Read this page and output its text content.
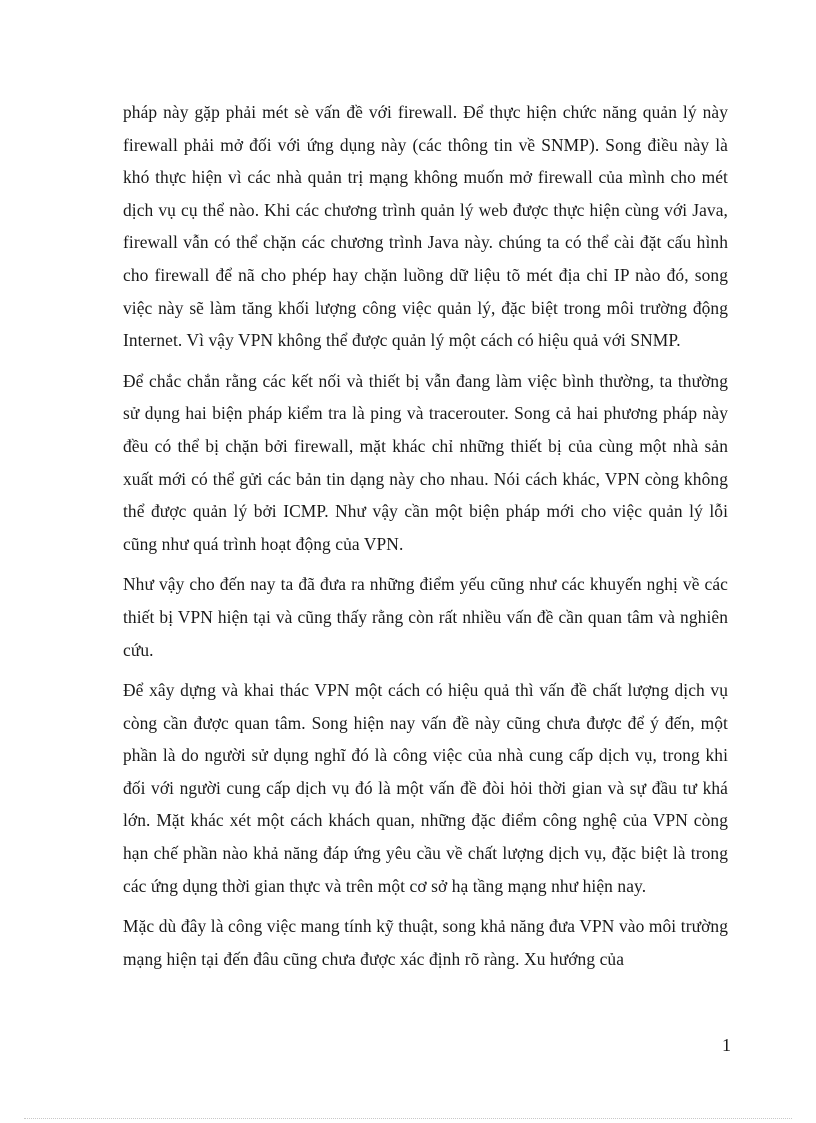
pháp này gặp phải mét sè vấn đề với firewall. Để thực hiện chức năng quản lý này firewall phải mở đối với ứng dụng này (các thông tin về SNMP). Song điều này là khó thực hiện vì các nhà quản trị mạng không muốn mở firewall của mình cho mét dịch vụ cụ thể nào. Khi các chương trình quản lý web được thực hiện cùng với Java, firewall vẫn có thể chặn các chương trình Java này. chúng ta có thể cài đặt cấu hình cho firewall để nã cho phép hay chặn luồng dữ liệu tõ mét địa chỉ IP nào đó, song việc này sẽ làm tăng khối lượng công việc quản lý, đặc biệt trong môi trường động Internet. Vì vậy VPN không thể được quản lý một cách có hiệu quả với SNMP.

Để chắc chắn rằng các kết nối và thiết bị vẫn đang làm việc bình thường, ta thường sử dụng hai biện pháp kiểm tra là ping và tracerouter. Song cả hai phương pháp này đều có thể bị chặn bởi firewall, mặt khác chỉ những thiết bị của cùng một nhà sản xuất mới có thể gửi các bản tin dạng này cho nhau. Nói cách khác, VPN còng không thể được quản lý bởi ICMP. Như vậy cần một biện pháp mới cho việc quản lý lỗi cũng như quá trình hoạt động của VPN.

Như vậy cho đến nay ta đã đưa ra những điểm yếu cũng như các khuyến nghị về các thiết bị VPN hiện tại và cũng thấy rằng còn rất nhiều vấn đề cần quan tâm và nghiên cứu.

Để xây dựng và khai thác VPN một cách có hiệu quả thì vấn đề chất lượng dịch vụ còng cần được quan tâm. Song hiện nay vấn đề này cũng chưa được để ý đến, một phần là do người sử dụng nghĩ đó là công việc của nhà cung cấp dịch vụ, trong khi đối với người cung cấp dịch vụ đó là một vấn đề đòi hỏi thời gian và sự đầu tư khá lớn. Mặt khác xét một cách khách quan, những đặc điểm công nghệ của VPN còng hạn chế phần nào khả năng đáp ứng yêu cầu về chất lượng dịch vụ, đặc biệt là trong các ứng dụng thời gian thực và trên một cơ sở hạ tầng mạng như hiện nay.

Mặc dù đây là công việc mang tính kỹ thuật, song khả năng đưa VPN vào môi trường mạng hiện tại đến đâu cũng chưa được xác định rõ ràng. Xu hướng của

1
